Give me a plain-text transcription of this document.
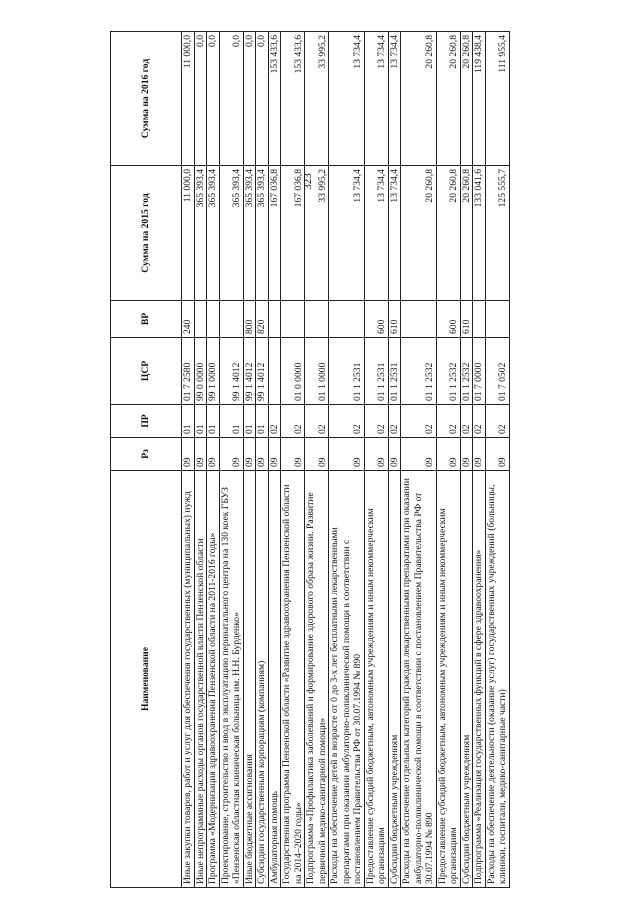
323
Наименование	Рз	ПР	ЦСР	ВР	Сумма на 2015 год	Сумма на 2016 год
Иные закупки товаров, работ и услуг для обеспечения государственных (муниципальных) нужд	09	01	01 7 2580	240	11 000,0	11 000,0
Иные непрограммные расходы органов государственной власти Пензенской области	09	01	99 0 0000		365 393,4	0,0
Программа «Модернизация здравоохранения Пензенской области на 2011-2016 годы»	09	01	99 1 0000		365 393,4	0,0
Проектирование, строительство и ввод в эксплуатацию перинатального центра на 130 коек ГБУЗ «Пензенская областная клиническая больница им. Н.Н. Бурденко»	09	01	99 1 4012		365 393,4	0,0
Иные бюджетные ассигнования	09	01	99 1 4012	800	365 393,4	0,0
Субсидии государственным корпорациям (компаниям)	09	01	99 1 4012	820	365 393,4	0,0
Амбулаторная помощь	09	02			167 036,8	153 433,6
Государственная программа Пензенской области «Развитие здравоохранения Пензенской области на 2014–2020 годы»	09	02	01 0 0000		167 036,8	153 433,6
Подпрограмма «Профилактика заболеваний и формирование здорового образа жизни. Развитие первичной медико-санитарной помощи»	09	02	01 1 0000		33 995,2	33 995,2
Расходы на обеспечение детей в возрасте от 0 до 3-х лет бесплатными лекарственными препаратами при оказании амбулаторно-поликлинической помощи в соответствии с постановлением Правительства РФ от 30.07.1994 № 890	09	02	01 1 2531		13 734,4	13 734,4
Предоставление субсидий бюджетным, автономным учреждениям и иным некоммерческим организациям	09	02	01 1 2531	600	13 734,4	13 734,4
Субсидии бюджетным учреждениям	09	02	01 1 2531	610	13 734,4	13 734,4
Расходы на обеспечение отдельных категорий граждан лекарственными препаратами при оказании амбулаторно-поликлинической помощи в соответствии с постановлением Правительства РФ от 30.07.1994 № 890	09	02	01 1 2532		20 260,8	20 260,8
Предоставление субсидий бюджетным, автономным учреждениям и иным некоммерческим организациям	09	02	01 1 2532	600	20 260,8	20 260,8
Субсидии бюджетным учреждениям	09	02	01 1 2532	610	20 260,8	20 260,8
Подпрограмма «Реализация государственных функций в сфере здравоохранения»	09	02	01 7 0000		133 041,6	119 438,4
Расходы на обеспечение деятельности (оказание услуг) государственных учреждений (больницы, клиники, госпитали, медико-санитарные части)	09	02	01 7 0502		125 555,7	111 955,4
